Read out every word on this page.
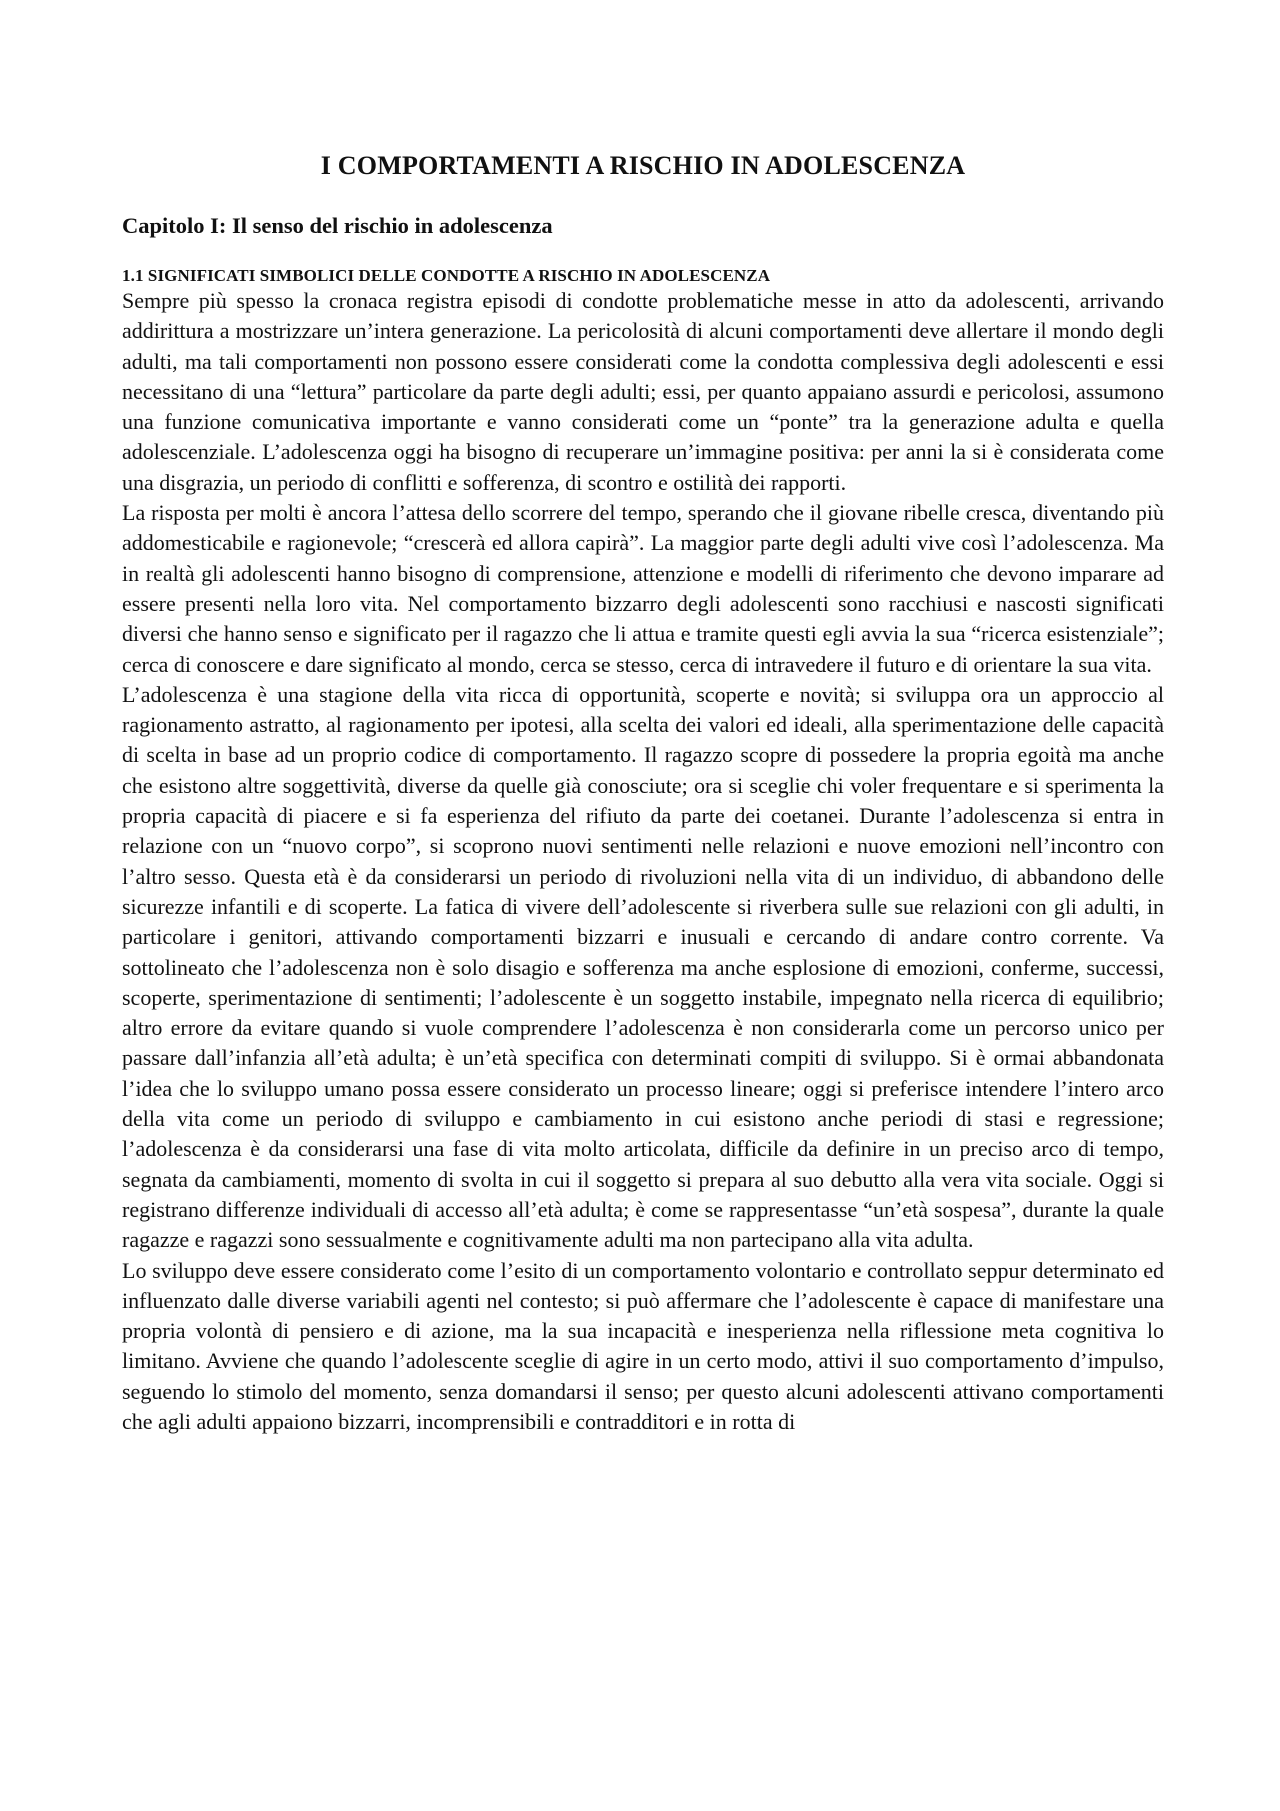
I COMPORTAMENTI A RISCHIO IN ADOLESCENZA
Capitolo I: Il senso del rischio in adolescenza
1.1 SIGNIFICATI SIMBOLICI DELLE CONDOTTE A RISCHIO IN ADOLESCENZA

Sempre più spesso la cronaca registra episodi di condotte problematiche messe in atto da adolescenti, arrivando addirittura a mostrizzare un’intera generazione. La pericolosità di alcuni comportamenti deve allertare il mondo degli adulti, ma tali comportamenti non possono essere considerati come la condotta complessiva degli adolescenti e essi necessitano di una “lettura” particolare da parte degli adulti; essi, per quanto appaiano assurdi e pericolosi, assumono una funzione comunicativa importante e vanno considerati come un “ponte” tra la generazione adulta e quella adolescenziale. L’adolescenza oggi ha bisogno di recuperare un’immagine positiva: per anni la si è considerata come una disgrazia, un periodo di conflitti e sofferenza, di scontro e ostilità dei rapporti.

La risposta per molti è ancora l’attesa dello scorrere del tempo, sperando che il giovane ribelle cresca, diventando più addomesticabile e ragionevole; “crescerà ed allora capirà”. La maggior parte degli adulti vive così l’adolescenza. Ma in realtà gli adolescenti hanno bisogno di comprensione, attenzione e modelli di riferimento che devono imparare ad essere presenti nella loro vita. Nel comportamento bizzarro degli adolescenti sono racchiusi e nascosti significati diversi che hanno senso e significato per il ragazzo che li attua e tramite questi egli avvia la sua “ricerca esistenziale”; cerca di conoscere e dare significato al mondo, cerca se stesso, cerca di intravedere il futuro e di orientare la sua vita.

L’adolescenza è una stagione della vita ricca di opportunità, scoperte e novità; si sviluppa ora un approccio al ragionamento astratto, al ragionamento per ipotesi, alla scelta dei valori ed ideali, alla sperimentazione delle capacità di scelta in base ad un proprio codice di comportamento. Il ragazzo scopre di possedere la propria egoità ma anche che esistono altre soggettività, diverse da quelle già conosciute; ora si sceglie chi voler frequentare e si sperimenta la propria capacità di piacere e si fa esperienza del rifiuto da parte dei coetanei. Durante l’adolescenza si entra in relazione con un “nuovo corpo”, si scoprono nuovi sentimenti nelle relazioni e nuove emozioni nell’incontro con l’altro sesso. Questa età è da considerarsi un periodo di rivoluzioni nella vita di un individuo, di abbandono delle sicurezze infantili e di scoperte. La fatica di vivere dell’adolescente si riverbera sulle sue relazioni con gli adulti, in particolare i genitori, attivando comportamenti bizzarri e inusuali e cercando di andare contro corrente. Va sottolineato che l’adolescenza non è solo disagio e sofferenza ma anche esplosione di emozioni, conferme, successi, scoperte, sperimentazione di sentimenti; l’adolescente è un soggetto instabile, impegnato nella ricerca di equilibrio; altro errore da evitare quando si vuole comprendere l’adolescenza è non considerarla come un percorso unico per passare dall’infanzia all’età adulta; è un’età specifica con determinati compiti di sviluppo. Si è ormai abbandonata l’idea che lo sviluppo umano possa essere considerato un processo lineare; oggi si preferisce intendere l’intero arco della vita come un periodo di sviluppo e cambiamento in cui esistono anche periodi di stasi e regressione; l’adolescenza è da considerarsi una fase di vita molto articolata, difficile da definire in un preciso arco di tempo, segnata da cambiamenti, momento di svolta in cui il soggetto si prepara al suo debutto alla vera vita sociale. Oggi si registrano differenze individuali di accesso all’età adulta; è come se rappresentasse “un’età sospesa”, durante la quale ragazze e ragazzi sono sessualmente e cognitivamente adulti ma non partecipano alla vita adulta.

Lo sviluppo deve essere considerato come l’esito di un comportamento volontario e controllato seppur determinato ed influenzato dalle diverse variabili agenti nel contesto; si può affermare che l’adolescente è capace di manifestare una propria volontà di pensiero e di azione, ma la sua incapacità e inesperienza nella riflessione meta cognitiva lo limitano. Avviene che quando l’adolescente sceglie di agire in un certo modo, attivi il suo comportamento d’impulso, seguendo lo stimolo del momento, senza domandarsi il senso; per questo alcuni adolescenti attivano comportamenti che agli adulti appaiono bizzarri, incomprensibili e contradditori e in rotta di
